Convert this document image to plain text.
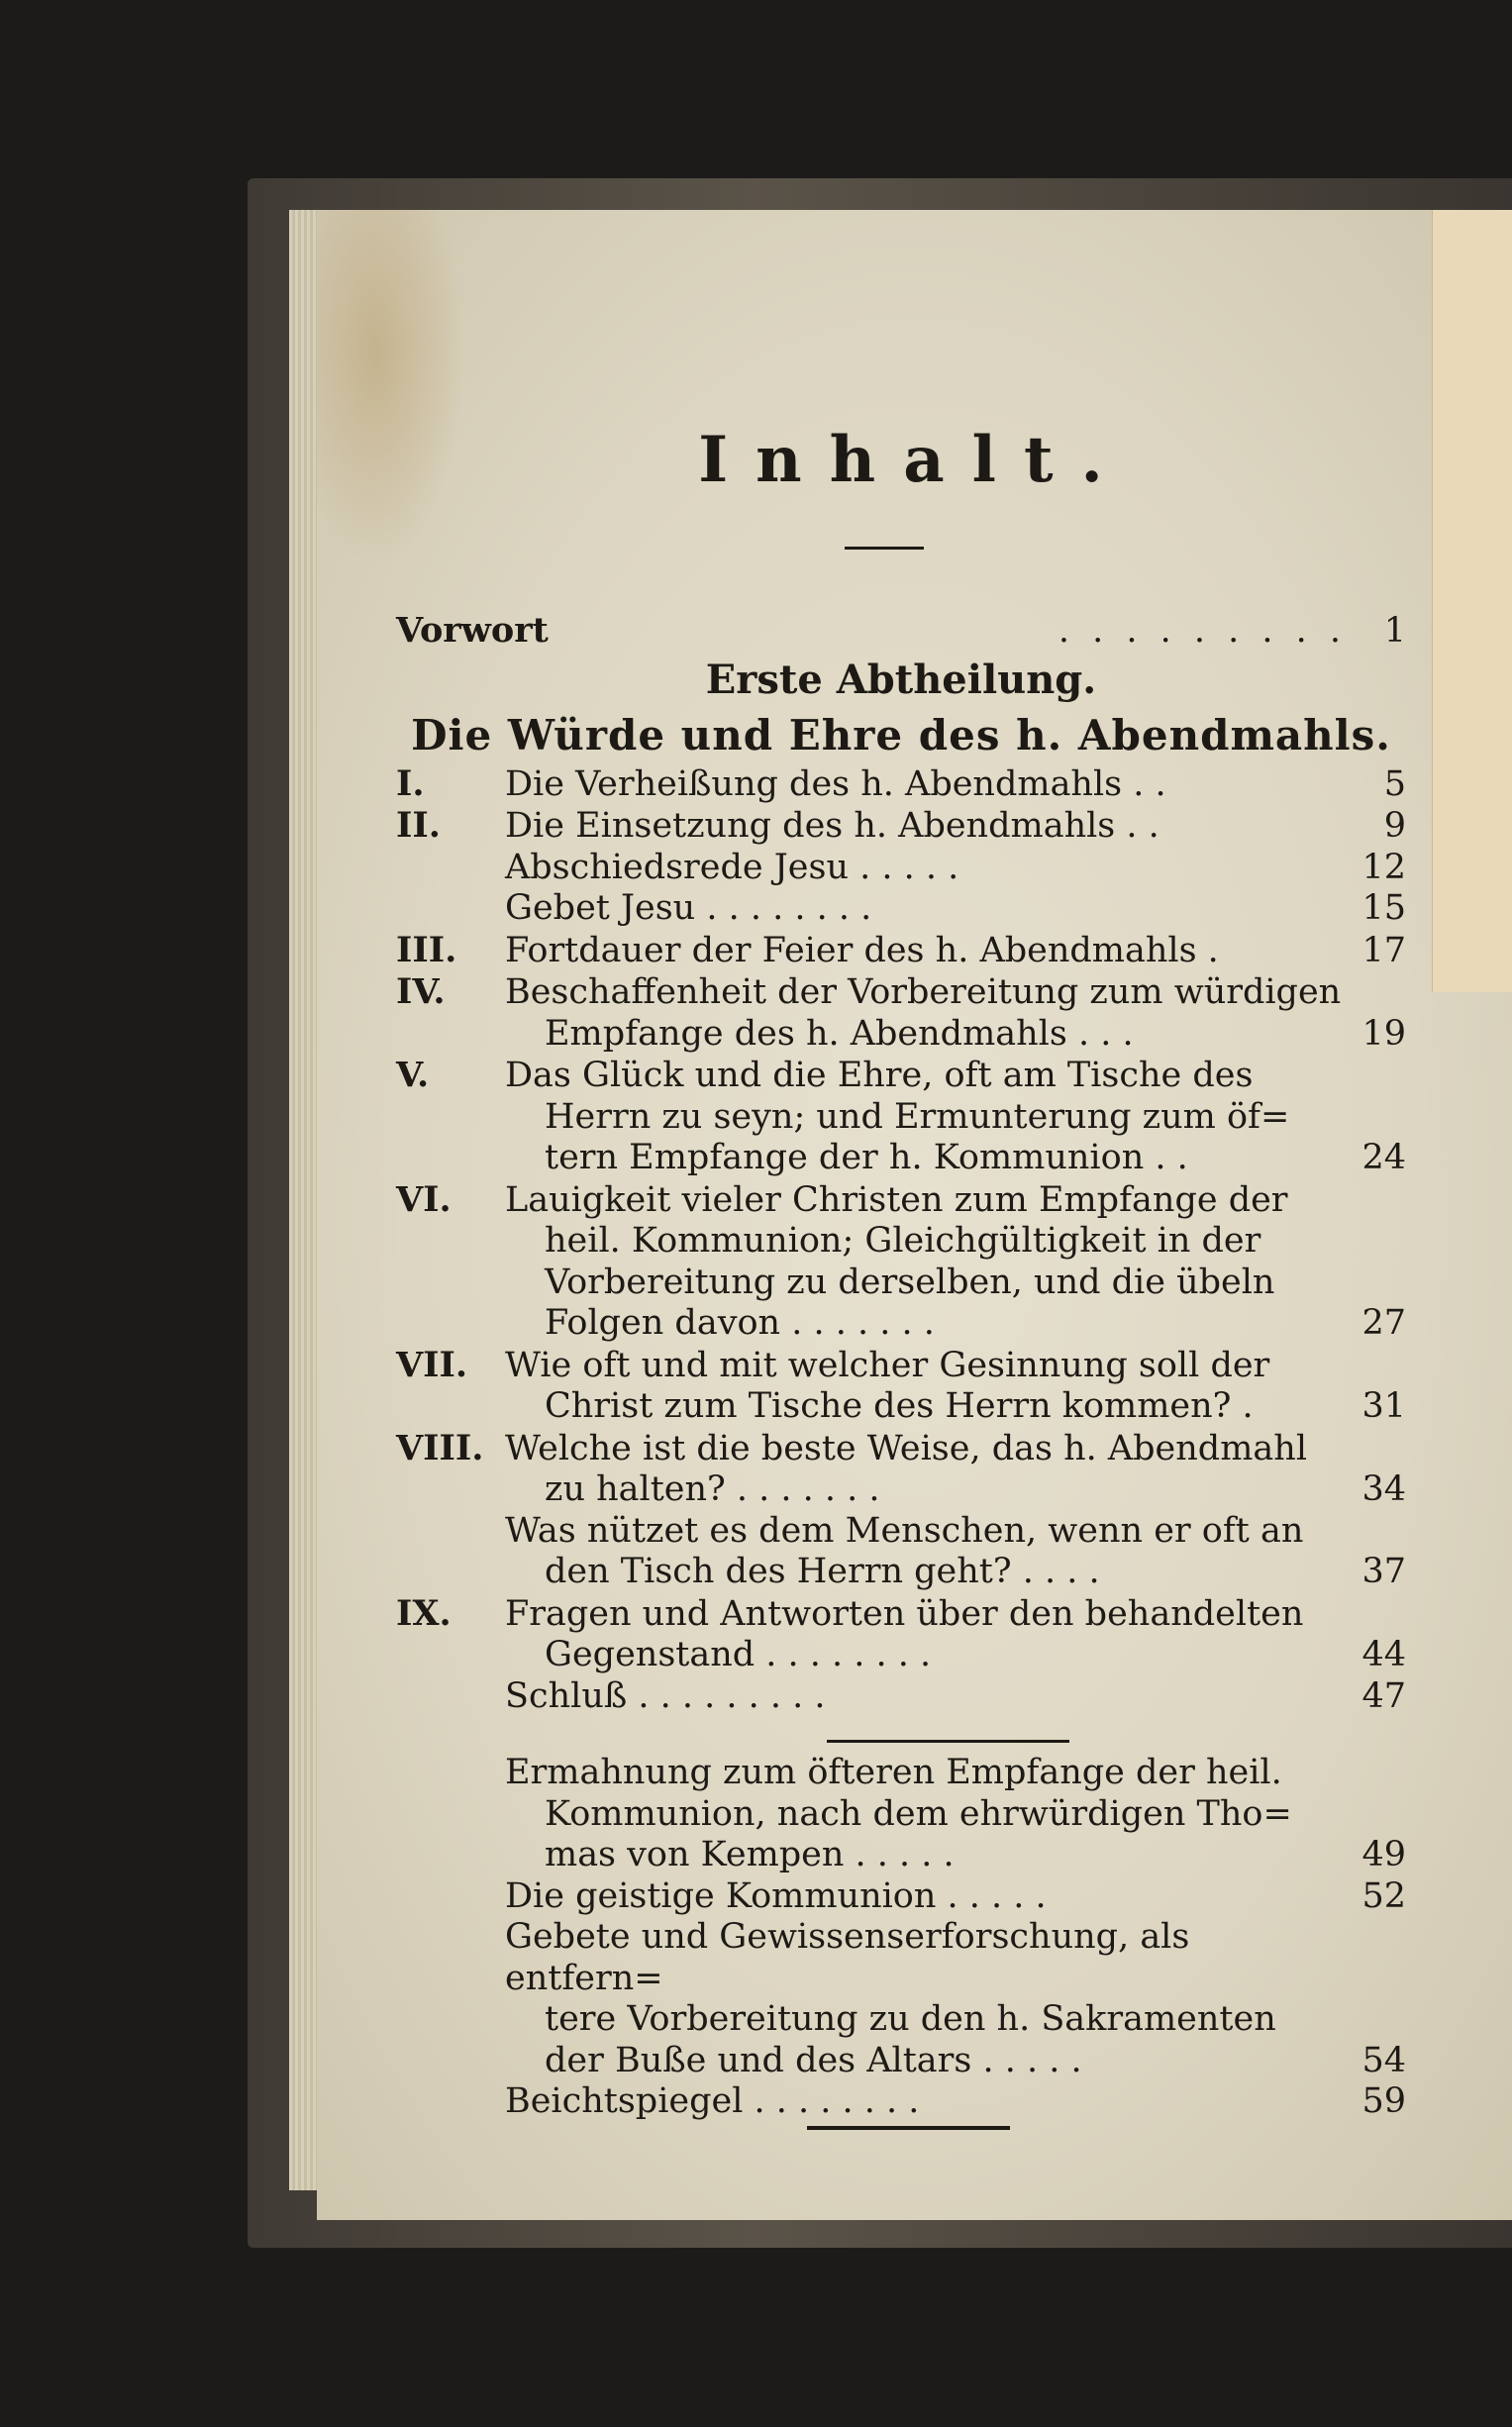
Inhalt.
Vorwort	. . . . . . . . .	1
Erste Abtheilung.
Die Würde und Ehre des h. Abendmahls.
I.	Die Verheißung des h. Abendmahls . .	5
II.	Die Einsetzung des h. Abendmahls . .	9
Abschiedsrede Jesu . . . . .	12
Gebet Jesu . . . . . . . .	15
III.	Fortdauer der Feier des h. Abendmahls .	17
IV.	Beschaffenheit der Vorbereitung zum würdigen
Empfange des h. Abendmahls . . .	19
V.	Das Glück und die Ehre, oft am Tische des
Herrn zu seyn; und Ermunterung zum öf=
tern Empfange der h. Kommunion . .	24
VI.	Lauigkeit vieler Christen zum Empfange der
heil. Kommunion; Gleichgültigkeit in der
Vorbereitung zu derselben, und die übeln
Folgen davon . . . . . . .	27
VII.	Wie oft und mit welcher Gesinnung soll der
Christ zum Tische des Herrn kommen? .	31
VIII. Welche ist die beste Weise, das h. Abendmahl
zu halten? . . . . . . .	34
Was nützet es dem Menschen, wenn er oft an
den Tisch des Herrn geht? . . . .	37
IX.	Fragen und Antworten über den behandelten
Gegenstand . . . . . . . .	44
Schluß . . . . . . . . .	47
Ermahnung zum öfteren Empfange der heil.
Kommunion, nach dem ehrwürdigen Tho=
mas von Kempen . . . . .	49
Die geistige Kommunion . . . . .	52
Gebete und Gewissenserforschung, als entfern=
tere Vorbereitung zu den h. Sakramenten
der Buße und des Altars . . . . .	54
Beichtspiegel . . . . . . . .	59
